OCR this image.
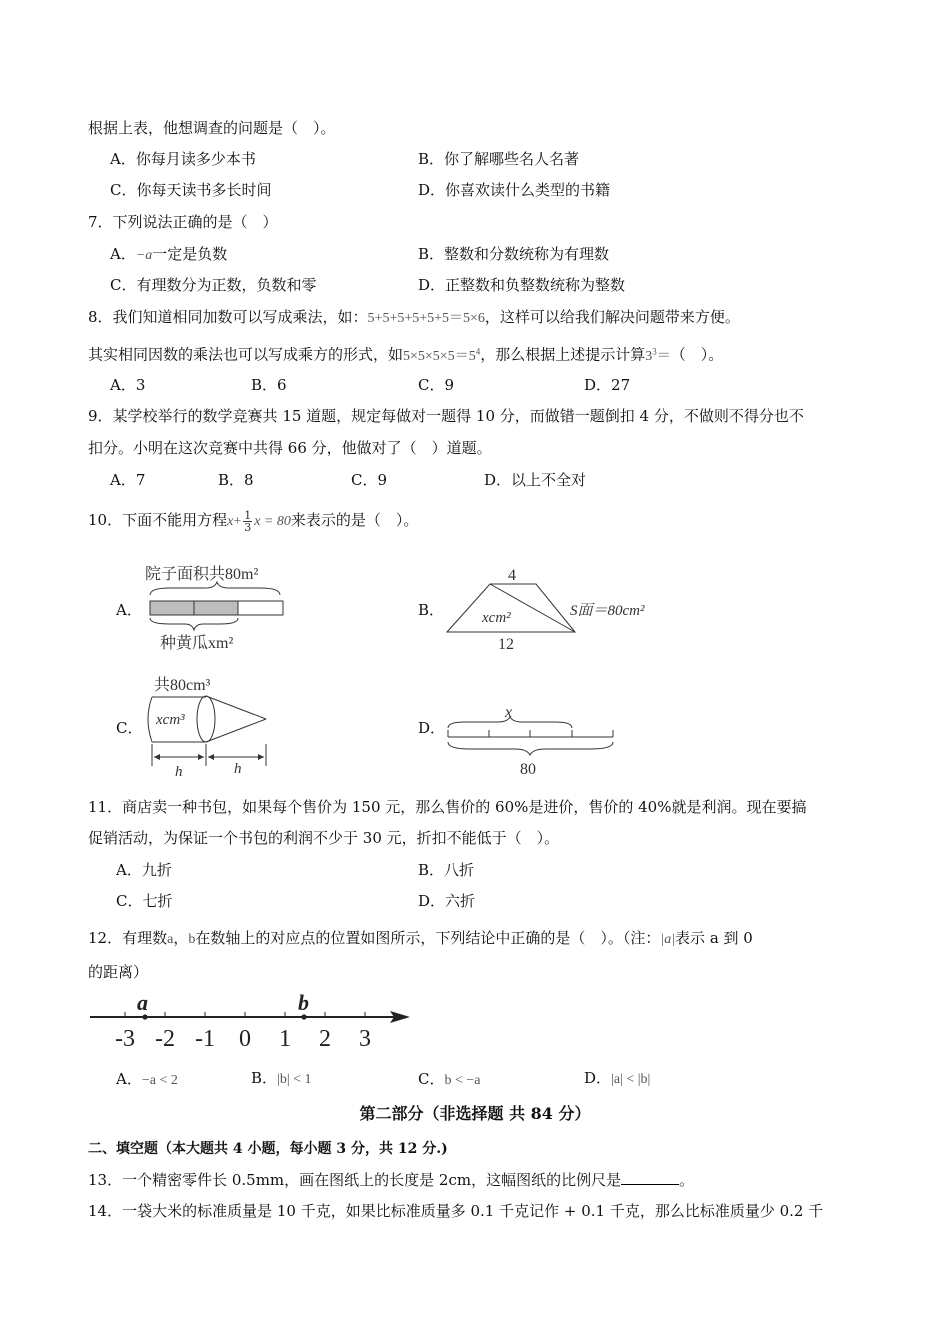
根据上表，他想调查的问题是（　）。
A．你每月读多少本书	B．你了解哪些名人名著
C．你每天读书多长时间	D．你喜欢读什么类型的书籍
7．下列说法正确的是（　）
A．−a一定是负数	B．整数和分数统称为有理数
C．有理数分为正数，负数和零	D．正整数和负整数统称为整数
8．我们知道相同加数可以写成乘法，如：5+5+5+5+5+5＝5×6，这样可以给我们解决问题带来方便。
其实相同因数的乘法也可以写成乘方的形式，如$5\times 5\times 5\times 5=5^4$，那么根据上述提示计算$3^3=$（　）。
A．3	B．6	C．9	D．27
9．某学校举行的数学竞赛共 15 道题，规定每做对一题得 10 分，而做错一题倒扣 4 分，不做则不得分也不
扣分。小明在这次竞赛中共得 66 分，他做对了（　）道题。
A．7	B．8	C．9	D．以上不全对
10．下面不能用方程$x+ \frac{1}{3}$ x = 80来表示的是（　）。
A．	B．
C．	D．
院子面积共80m²
种黄瓜xm²
4
xcm²
12
S面＝80cm²
共80cm³
xcm³
h	h
x
80
11．商店卖一种书包，如果每个售价为 150 元，那么售价的 60%是进价，售价的 40%就是利润。现在要搞
促销活动，为保证一个书包的利润不少于 30 元，折扣不能低于（　）。
A．九折	B．八折
C．七折	D．六折
12．有理数a，b在数轴上的对应点的位置如图所示，下列结论中正确的是（　）。（注：|a|表示 a 到 0
的距离）
-3 -2 -1 0 1 2 3
a	b
A．−a < 2	B．|b| < 1	C．b < −a	D．|a| < |b|
第二部分（非选择题 共 84 分）
二、填空题（本大题共 4 小题，每小题 3 分，共 12 分.)
13．一个精密零件长 0.5mm，画在图纸上的长度是 2cm，这幅图纸的比例尺是	。
14．一袋大米的标准质量是 10 千克，如果比标准质量多 0.1 千克记作 + 0.1 千克，那么比标准质量少 0.2 千
